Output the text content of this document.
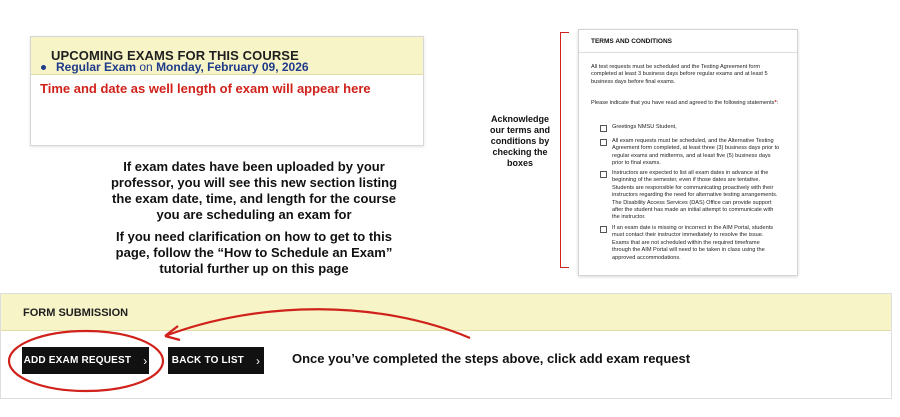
UPCOMING EXAMS FOR THIS COURSE
Regular Exam on Monday, February 09, 2026
Time and date as well length of exam will appear here
If exam dates have been uploaded by your professor, you will see this new section listing the exam date, time, and length for the course you are scheduling an exam for
If you need clarification on how to get to this page, follow the “How to Schedule an Exam” tutorial further up on this page
Acknowledge our terms and conditions by checking the boxes
TERMS AND CONDITIONS
All test requests must be scheduled and the Testing Agreement form completed at least 3 business days before regular exams and at least 5 business days before final exams.
Please indicate that you have read and agreed to the following statements*:
Greetings NMSU Student,
All exam requests must be scheduled, and the Alternative Testing Agreement form completed, at least three (3) business days prior to regular exams and midterms, and at least five (5) business days prior to final exams.
Instructors are expected to list all exam dates in advance at the beginning of the semester, even if those dates are tentative. Students are responsible for communicating proactively with their instructors regarding the need for alternative testing arrangements. The Disability Access Services (DAS) Office can provide support after the student has made an initial attempt to communicate with the instructor.
If an exam date is missing or incorrect in the AIM Portal, students must contact their instructor immediately to resolve the issue. Exams that are not scheduled within the required timeframe through the AIM Portal will need to be taken in class using the approved accommodations.
FORM SUBMISSION
ADD EXAM REQUEST › BACK TO LIST › Once you’ve completed the steps above, click add exam request
